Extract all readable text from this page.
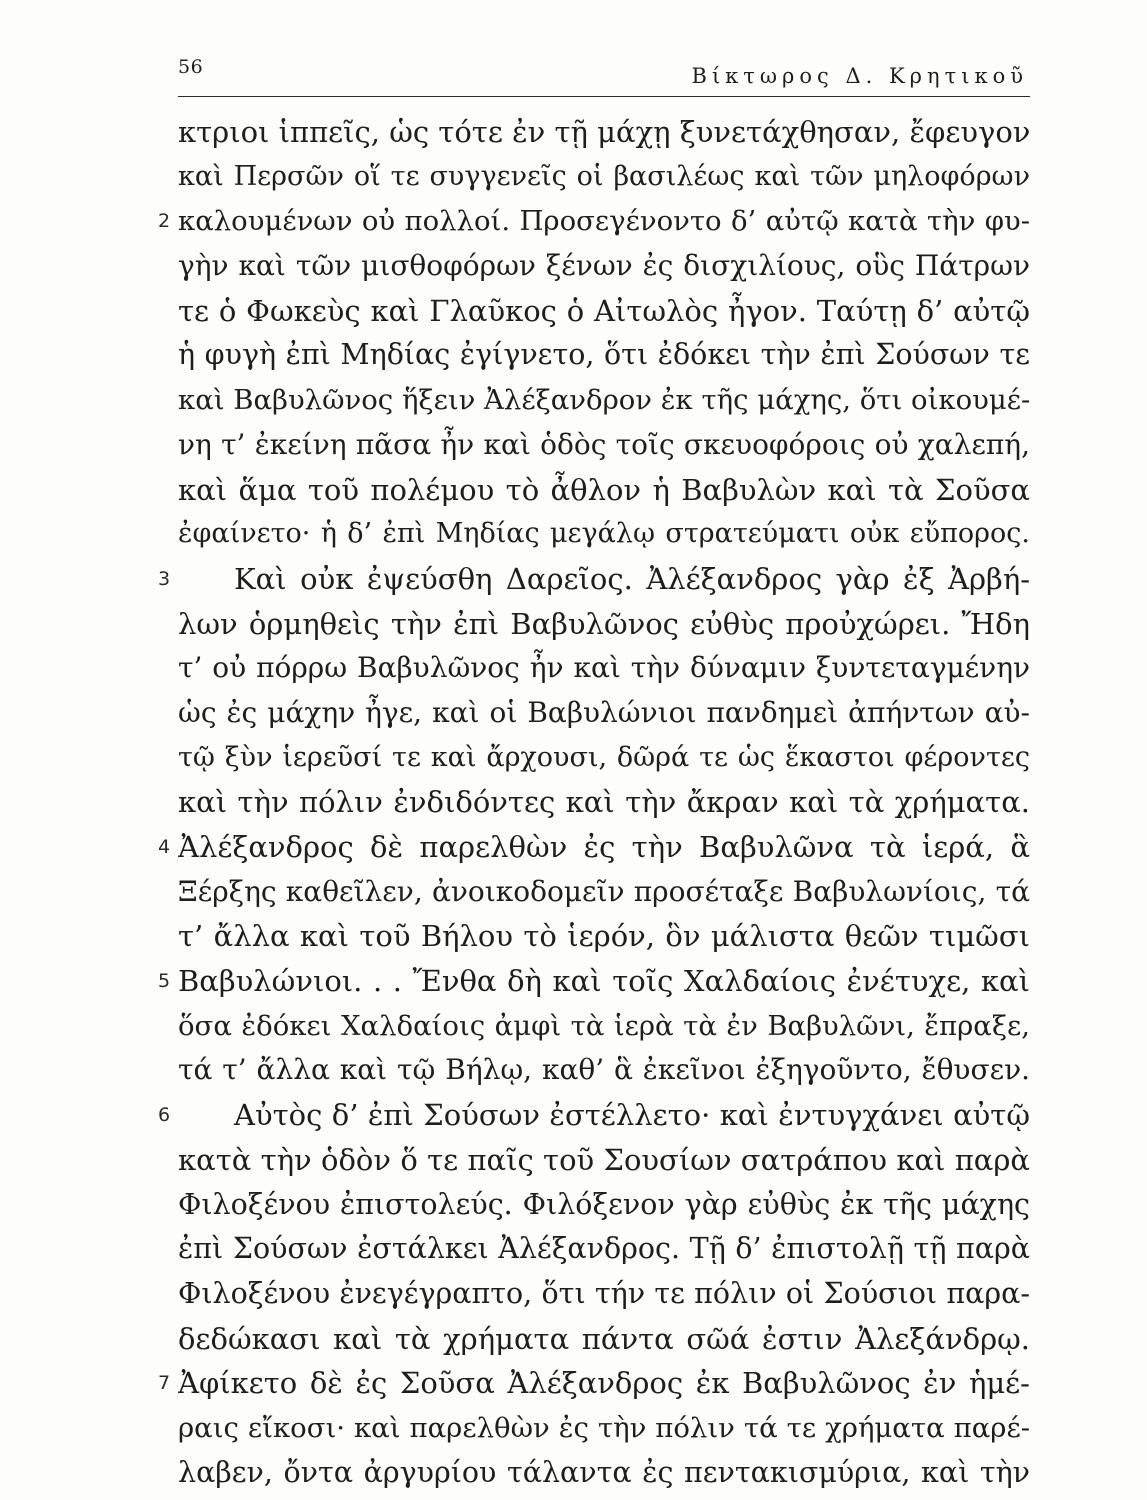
56	Βίκτωρος Δ. Κρητικοῦ
κτριοι ἱππεῖς, ὡς τότε ἐν τῇ μάχῃ ξυνετάχθησαν, ἔφευγον
καὶ Περσῶν οἵ τε συγγενεῖς οἱ βασιλέως καὶ τῶν μηλοφόρων
2 καλουμένων οὐ πολλοί. Προσεγένοντο δ’ αὐτῷ κατὰ τὴν φυ-
γὴν καὶ τῶν μισθοφόρων ξένων ἐς δισχιλίους, οὓς Πάτρων
τε ὁ Φωκεὺς καὶ Γλαῦκος ὁ Αἰτωλὸς ἦγον. Ταύτῃ δ’ αὐτῷ
ἡ φυγὴ ἐπὶ Μηδίας ἐγίγνετο, ὅτι ἐδόκει τὴν ἐπὶ Σούσων τε
καὶ Βαβυλῶνος ἥξειν Ἀλέξανδρον ἐκ τῆς μάχης, ὅτι οἰκουμέ-
νη τ’ ἐκείνη πᾶσα ἦν καὶ ὁδὸς τοῖς σκευοφόροις οὐ χαλεπή,
καὶ ἅμα τοῦ πολέμου τὸ ἆθλον ἡ Βαβυλὼν καὶ τὰ Σοῦσα
ἐφαίνετο· ἡ δ’ ἐπὶ Μηδίας μεγάλῳ στρατεύματι οὐκ εὔπορος.
3	Καὶ οὐκ ἐψεύσθη Δαρεῖος. Ἀλέξανδρος γὰρ ἐξ Ἀρβή-
λων ὁρμηθεὶς τὴν ἐπὶ Βαβυλῶνος εὐθὺς προὐχώρει. Ἤδη
τ’ οὐ πόρρω Βαβυλῶνος ἦν καὶ τὴν δύναμιν ξυντεταγμένην
ὡς ἐς μάχην ἦγε, καὶ οἱ Βαβυλώνιοι πανδημεὶ ἀπήντων αὐ-
τῷ ξὺν ἱερεῦσί τε καὶ ἄρχουσι, δῶρά τε ὡς ἕκαστοι φέροντες
καὶ τὴν πόλιν ἐνδιδόντες καὶ τὴν ἄκραν καὶ τὰ χρήματα.
4 Ἀλέξανδρος δὲ παρελθὼν ἐς τὴν Βαβυλῶνα τὰ ἱερά, ἃ
Ξέρξης καθεῖλεν, ἀνοικοδομεῖν προσέταξε Βαβυλωνίοις, τά
τ’ ἄλλα καὶ τοῦ Βήλου τὸ ἱερόν, ὃν μάλιστα θεῶν τιμῶσι
5 Βαβυλώνιοι. . . Ἔνθα δὴ καὶ τοῖς Χαλδαίοις ἐνέτυχε, καὶ
ὅσα ἐδόκει Χαλδαίοις ἀμφὶ τὰ ἱερὰ τὰ ἐν Βαβυλῶνι, ἔπραξε,
τά τ’ ἄλλα καὶ τῷ Βήλῳ, καθ’ ἃ ἐκεῖνοι ἐξηγοῦντο, ἔθυσεν.
6	Αὐτὸς δ’ ἐπὶ Σούσων ἐστέλλετο· καὶ ἐντυγχάνει αὐτῷ
κατὰ τὴν ὁδὸν ὅ τε παῖς τοῦ Σουσίων σατράπου καὶ παρὰ
Φιλοξένου ἐπιστολεύς. Φιλόξενον γὰρ εὐθὺς ἐκ τῆς μάχης
ἐπὶ Σούσων ἐστάλκει Ἀλέξανδρος. Τῇ δ’ ἐπιστολῇ τῇ παρὰ
Φιλοξένου ἐνεγέγραπτο, ὅτι τήν τε πόλιν οἱ Σούσιοι παρα-
δεδώκασι καὶ τὰ χρήματα πάντα σῶά ἐστιν Ἀλεξάνδρῳ.
7 Ἀφίκετο δὲ ἐς Σοῦσα Ἀλέξανδρος ἐκ Βαβυλῶνος ἐν ἡμέ-
ραις εἴκοσι· καὶ παρελθὼν ἐς τὴν πόλιν τά τε χρήματα παρέ-
λαβεν, ὄντα ἀργυρίου τάλαντα ἐς πεντακισμύρια, καὶ τὴν
